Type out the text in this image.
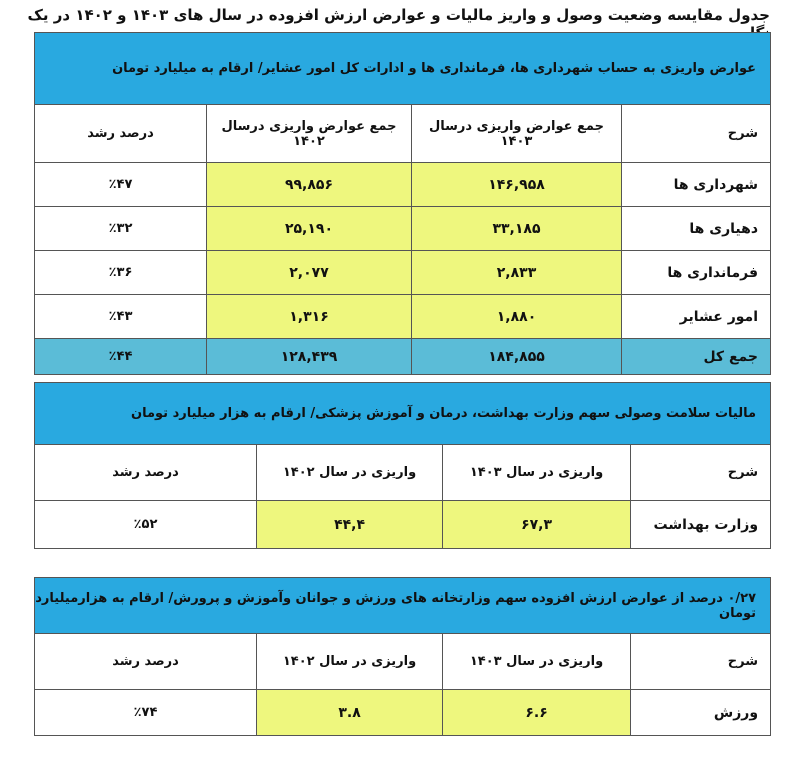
جدول مقایسه وضعیت وصول و واریز مالیات و عوارض ارزش افزوده در سال های ۱۴۰۳ و ۱۴۰۲ در یک
عوارض واریزی به حساب شهرداری ها، فرمانداری ها و ادارات کل امور عشایر/ ارقام به میلیارد تومان			
شرح	جمع عوارض واریزی درسال ۱۴۰۳	جمع عوارض واریزی درسال ۱۴۰۲	درصد رشد
شهرداری ها	۱۴۶,۹۵۸	۹۹,۸۵۶	٪۴۷
دهیاری ها	۳۳,۱۸۵	۲۵,۱۹۰	٪۳۲
فرمانداری ها	۲,۸۳۳	۲,۰۷۷	٪۳۶
امور عشایر	۱,۸۸۰	۱,۳۱۶	٪۴۳
جمع کل	۱۸۴,۸۵۵	۱۲۸,۴۳۹	٪۴۴
مالیات سلامت وصولی سهم وزارت بهداشت، درمان و آموزش پزشکی/ ارقام به هزار میلیارد تومان			
شرح	واریزی در سال ۱۴۰۳	واریزی در سال ۱۴۰۲	درصد رشد
وزارت بهداشت	۶۷,۳	۴۴,۴	٪۵۲
۰/۲۷ درصد از عوارض ارزش افزوده سهم وزارتخانه های ورزش و جوانان وآموزش و پرورش/ ارقام به هزارمیلیارد تومان			
شرح	واریزی در سال ۱۴۰۳	واریزی در سال ۱۴۰۲	درصد رشد
ورزش	۶.۶	۳.۸	٪۷۴
